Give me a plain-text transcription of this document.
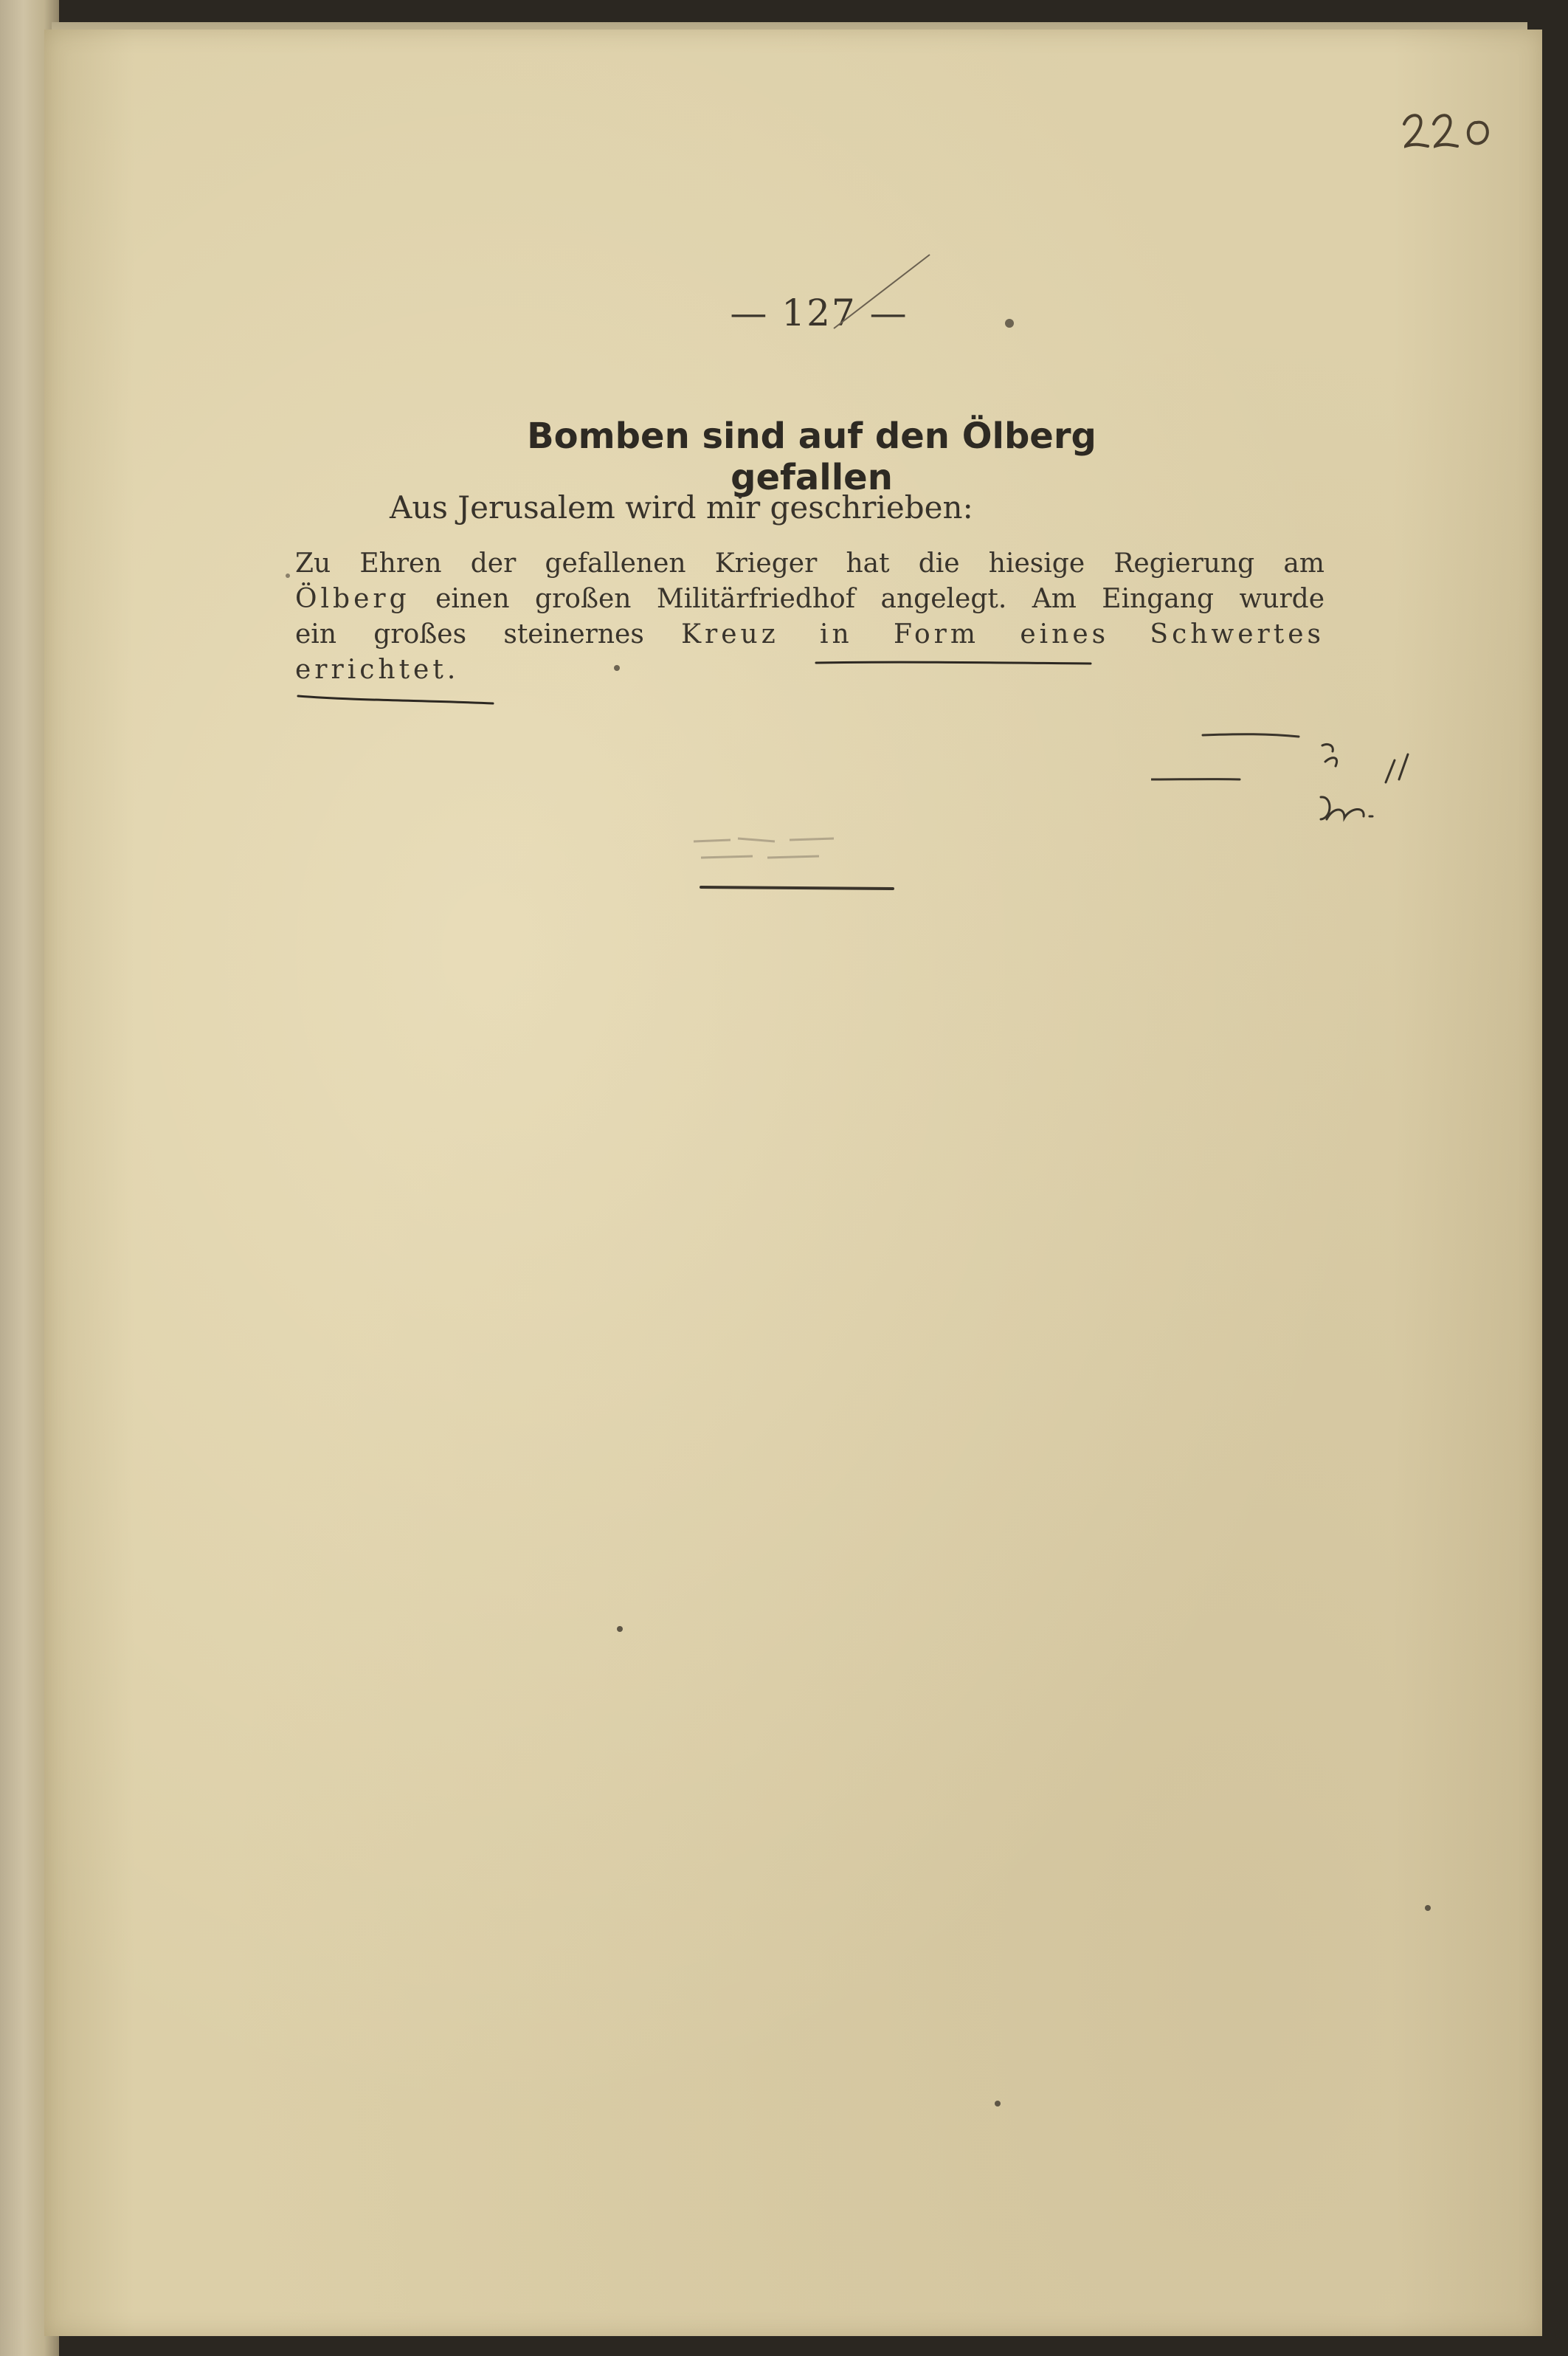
— 127 —
Bomben sind auf den Ölberg gefallen
Aus Jerusalem wird mir geschrieben:
Zu Ehren der gefallenen Krieger hat die hiesige Regierung am
Ölberg einen großen Militärfriedhof angelegt. Am Eingang wurde
ein großes steinernes Kreuz in Form eines Schwertes
errichtet.
